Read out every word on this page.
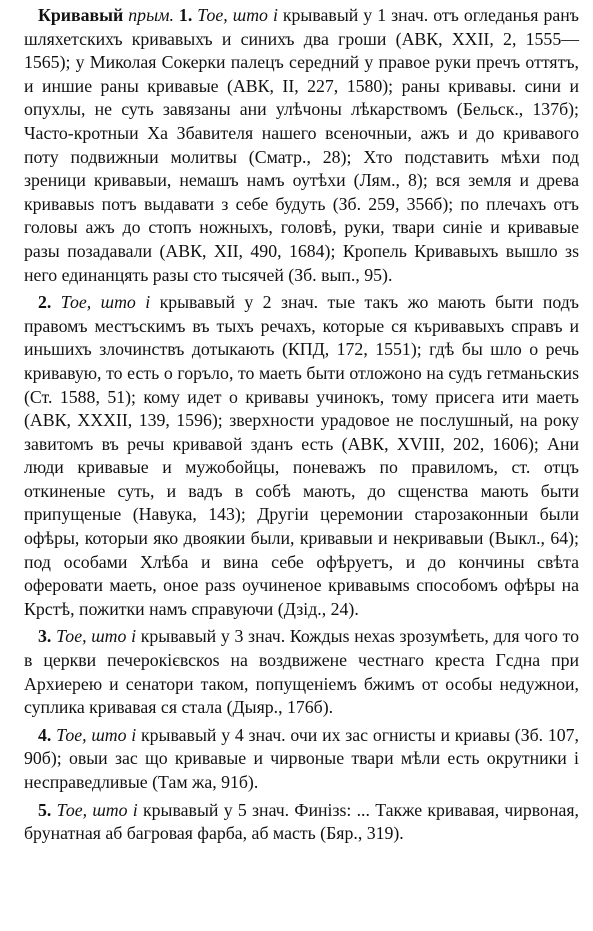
Кривавый прым. 1. Тое, што і крывавый у 1 знач. отъ огледанья ранъ шляхетскихъ кривавыхъ и синихъ два гроши (АВК, XXII, 2, 1555—1565); у Миколая Сокерки палецъ середний у правое руки пречъ оттятъ, и иншие раны кривавые (АВК, II, 227, 1580); раны кривавы. сини и опухлы, не суть завязаны ани улѣчоны лѣкарствомъ (Бельск., 137б); Часто-кротныи Ха Збавителя нашего всеночныи, ажъ и до кривавого поту подвижныи молитвы (Сматр., 28); Хто подставить мѣхи под зреници кривавыи, немашъ намъ оутѣхи (Лям., 8); вся земля и древа кривавыs потъ выдавати з себе будуть (Зб. 259, 356б); по плечахъ отъ головы ажъ до стопъ ножныхъ, головѣ, руки, твари синіе и кривавые разы позадавали (АВК, XII, 490, 1684); Кропель Кривавыхъ вышло зs него единанцять разы сто тысячей (Зб. вып., 95).

2. Тое, што і крывавый у 2 знач. тые такъ жо мають быти подъ правомъ местъскимъ въ тыхъ речахъ, которые ся къривавыхъ справъ и иньшихъ злочинствъ дотыкають (КПД, 172, 1551); гдѣ бы шло о речь кривавую, то есть о горъло, то маеть быти отложоно на судъ гетманьскиs (Ст. 1588, 51); кому идет о кривавы учинокъ, тому присега ити маеть (АВК, XXXII, 139, 1596); зверхности урадовое не послушный, на року завитомъ въ речы кривавой зданъ есть (АВК, XVIII, 202, 1606); Ани люди кривавые и мужобойцы, поневажъ по правиломъ, ст. отцъ откиненые суть, и вадъ в собѣ мають, до сщенства мають быти припущеные (Навука, 143); Другіи церемонии старозаконныи были офѣры, которыи яко двоякии были, кривавыи и некривавыи (Выкл., 64); под особами Хлѣба и вина себе офѣруетъ, и до кончины свѣта оферовати маеть, оное разs оучиненое кривавымs способомъ офѣры на Крстѣ, пожитки намъ справуючи (Дзід., 24).

3. Тое, што і крывавый у 3 знач. Кождыs нехаs зрозумѣеть, для чого то в церкви печерокієвскоs на воздвижене честнаго креста Гсдна при Архиерею и сенатори таком, попущеніемъ бжимъ от особы недужнои, суплика кривавая ся стала (Дыяр., 176б).

4. Тое, што і крывавый у 4 знач. очи их зас огнисты и криавы (Зб. 107, 90б); овыи зас що кривавые и чирвоные твари мѣли есть окрутники і несправедливые (Там жа, 91б).

5. Тое, што і крывавый у 5 знач. Финізs: ... Также кривавая, чирвоная, брунатная аб багровая фарба, аб масть (Бяр., 319).
